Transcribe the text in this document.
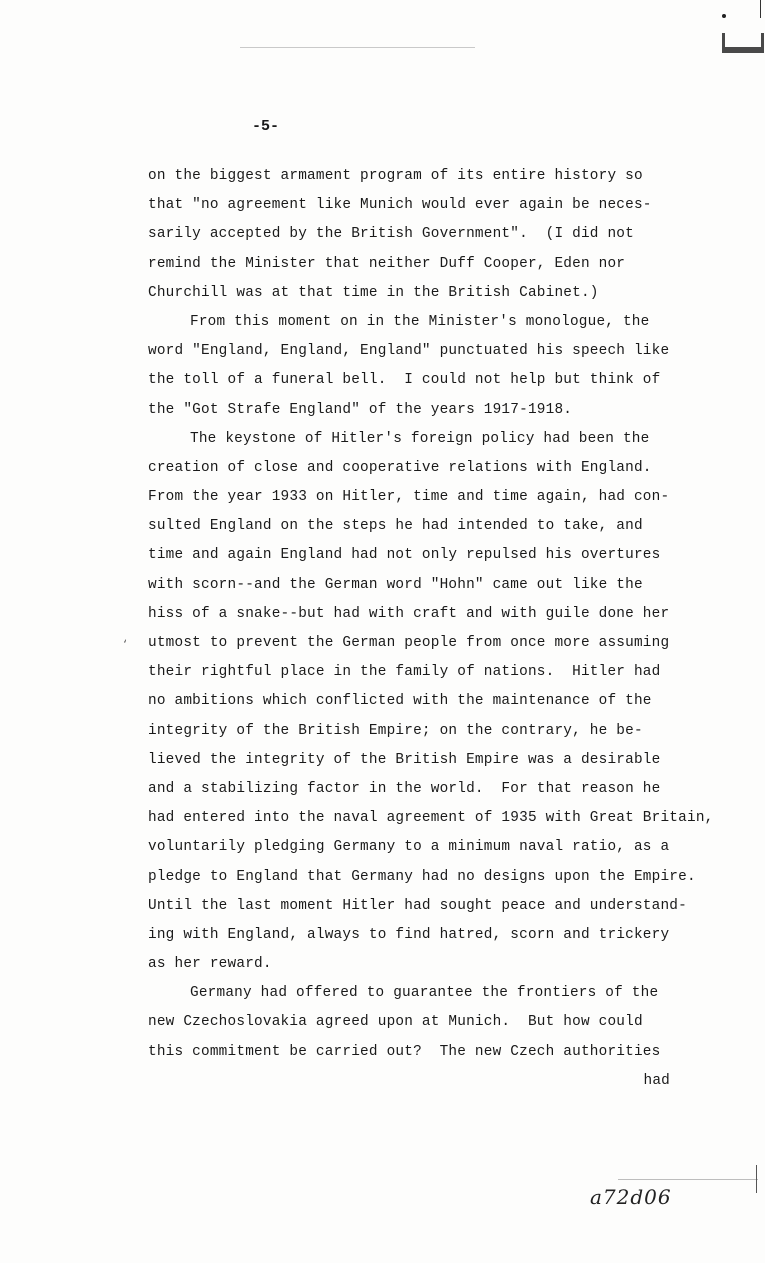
-5-
on the biggest armament program of its entire history so
that "no agreement like Munich would ever again be neces-
sarily accepted by the British Government".  (I did not
remind the Minister that neither Duff Cooper, Eden nor
Churchill was at that time in the British Cabinet.)
From this moment on in the Minister's monologue, the
word "England, England, England" punctuated his speech like
the toll of a funeral bell.  I could not help but think of
the "Got Strafe England" of the years 1917-1918.
The keystone of Hitler's foreign policy had been the
creation of close and cooperative relations with England.
From the year 1933 on Hitler, time and time again, had con-
sulted England on the steps he had intended to take, and
time and again England had not only repulsed his overtures
with scorn--and the German word "Hohn" came out like the
hiss of a snake--but had with craft and with guile done her
utmost to prevent the German people from once more assuming
their rightful place in the family of nations.  Hitler had
no ambitions which conflicted with the maintenance of the
integrity of the British Empire; on the contrary, he be-
lieved the integrity of the British Empire was a desirable
and a stabilizing factor in the world.  For that reason he
had entered into the naval agreement of 1935 with Great Britain,
voluntarily pledging Germany to a minimum naval ratio, as a
pledge to England that Germany had no designs upon the Empire.
Until the last moment Hitler had sought peace and understand-
ing with England, always to find hatred, scorn and trickery
as her reward.
Germany had offered to guarantee the frontiers of the
new Czechoslovakia agreed upon at Munich.  But how could
this commitment be carried out?  The new Czech authorities
had
‘
a72d06
